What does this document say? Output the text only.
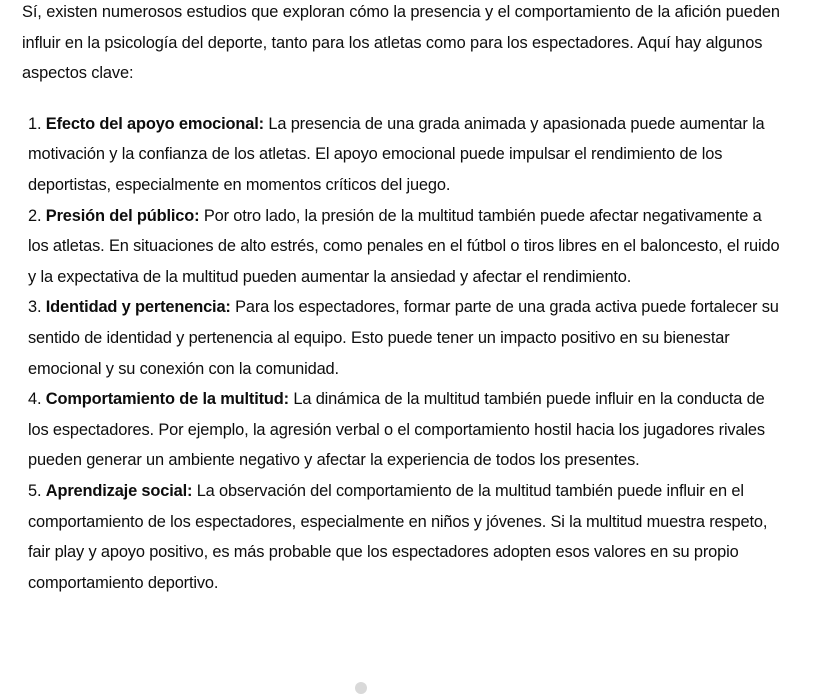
Sí, existen numerosos estudios que exploran cómo la presencia y el comportamiento de la afición pueden influir en la psicología del deporte, tanto para los atletas como para los espectadores. Aquí hay algunos aspectos clave:

Efecto del apoyo emocional: La presencia de una grada animada y apasionada puede aumentar la motivación y la confianza de los atletas. El apoyo emocional puede impulsar el rendimiento de los deportistas, especialmente en momentos críticos del juego.
Presión del público: Por otro lado, la presión de la multitud también puede afectar negativamente a los atletas. En situaciones de alto estrés, como penales en el fútbol o tiros libres en el baloncesto, el ruido y la expectativa de la multitud pueden aumentar la ansiedad y afectar el rendimiento.
Identidad y pertenencia: Para los espectadores, formar parte de una grada activa puede fortalecer su sentido de identidad y pertenencia al equipo. Esto puede tener un impacto positivo en su bienestar emocional y su conexión con la comunidad.
Comportamiento de la multitud: La dinámica de la multitud también puede influir en la conducta de los espectadores. Por ejemplo, la agresión verbal o el comportamiento hostil hacia los jugadores rivales pueden generar un ambiente negativo y afectar la experiencia de todos los presentes.
Aprendizaje social: La observación del comportamiento de la multitud también puede influir en el comportamiento de los espectadores, especialmente en niños y jóvenes. Si la multitud muestra respeto, fair play y apoyo positivo, es más probable que los espectadores adopten esos valores en su propio comportamiento deportivo.
